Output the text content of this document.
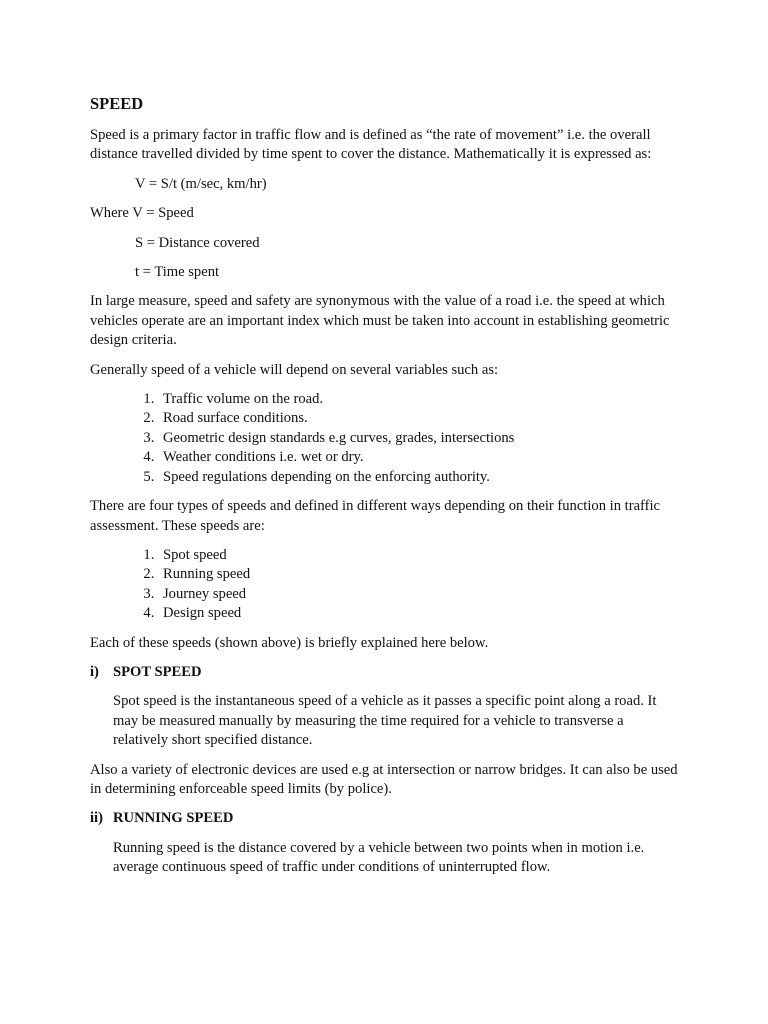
SPEED

Speed is a primary factor in traffic flow and is defined as “the rate of movement” i.e. the overall distance travelled divided by time spent to cover the distance. Mathematically it is expressed as:

V = S/t (m/sec, km/hr)

Where V = Speed

S = Distance covered

t = Time spent

In large measure, speed and safety are synonymous with the value of a road i.e. the speed at which vehicles operate are an important index which must be taken into account in establishing geometric design criteria.

Generally speed of a vehicle will depend on several variables such as:

1. Traffic volume on the road.
2. Road surface conditions.
3. Geometric design standards e.g curves, grades, intersections
4. Weather conditions i.e. wet or dry.
5. Speed regulations depending on the enforcing authority.

There are four types of speeds and defined in different ways depending on their function in traffic assessment. These speeds are:

1. Spot speed
2. Running speed
3. Journey speed
4. Design speed

Each of these speeds (shown above) is briefly explained here below.

i) SPOT SPEED

Spot speed is the instantaneous speed of a vehicle as it passes a specific point along a road. It may be measured manually by measuring the time required for a vehicle to transverse a relatively short specified distance.

Also a variety of electronic devices are used e.g at intersection or narrow bridges. It can also be used in determining enforceable speed limits (by police).

ii) RUNNING SPEED

Running speed is the distance covered by a vehicle between two points when in motion i.e. average continuous speed of traffic under conditions of uninterrupted flow.
